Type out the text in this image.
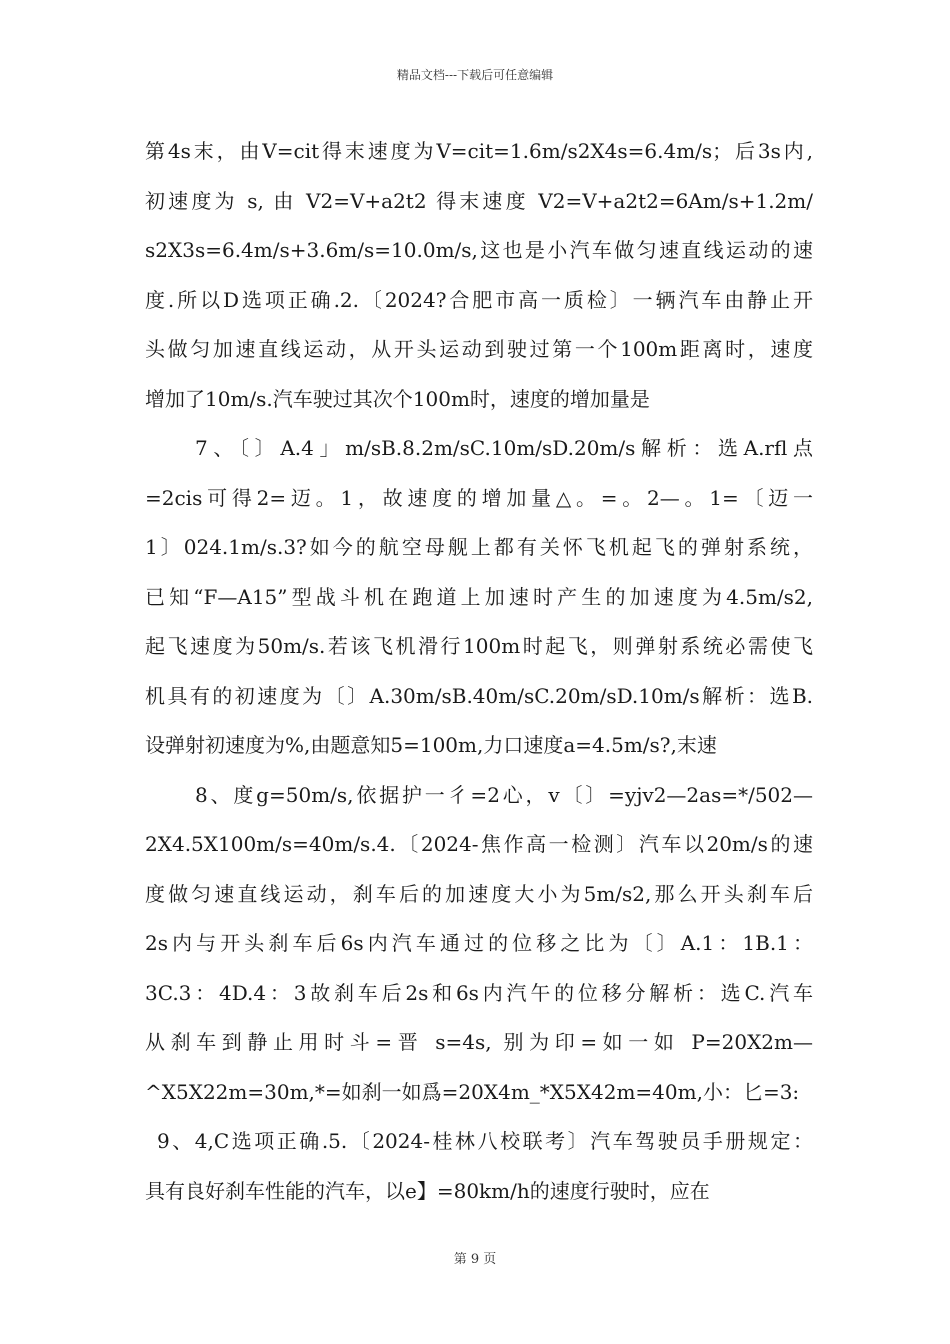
精品文档---下载后可任意编辑
第4s末，由V=cit得末速度为V=cit=1.6m/s2X4s=6.4m/s；后3s内,
初速度为 s, 由 V2=V+a2t2 得末速度 V2=V+a2t2=6Am/s+1.2m/
s2X3s=6.4m/s+3.6m/s=10.0m/s,这也是小汽车做匀速直线运动的速
度.所以D选项正确.2.〔2024?合肥市高一质检〕一辆汽车由静止开
头做匀加速直线运动，从开头运动到驶过第一个100m距离时，速度
增加了10m/s.汽车驶过其次个100m时，速度的增加量是
7、〔〕A.4」m/sB.8.2m/sC.10m/sD.20m/s解析：选A.rfl点
=2cis可得2=迈。1，故速度的增加量△。=。2—。1=〔迈一
1〕024.1m/s.3?如今的航空母舰上都有关怀飞机起飞的弹射系统，
已知“F—A15”型战斗机在跑道上加速时产生的加速度为4.5m/s2,
起飞速度为50m/s.若该飞机滑行100m时起飞，则弹射系统必需使飞
机具有的初速度为〔〕A.30m/sB.40m/sC.20m/sD.10m/s解析：选B.
设弹射初速度为%,由题意知5=100m,力口速度a=4.5m/s?,末速
8、度g=50m/s,依据护一彳=2心，v〔〕=yjv2—2as=*/502—
2X4.5X100m/s=40m/s.4.〔2024-焦作高一检测〕汽车以20m/s的速
度做匀速直线运动，刹车后的加速度大小为5m/s2,那么开头刹车后
2s内与开头刹车后6s内汽车通过的位移之比为〔〕A.1：1B.1：
3C.3：4D.4：3故刹车后2s和6s内汽午的位移分解析：选C.汽车
从刹车到静止用时斗=晋 s=4s, 别为印=如一如 P=20X2m—
^X5X22m=30m,*=如刹一如爲=20X4m_*X5X42m=40m,小：匕=3:
9、4,C选项正确.5.〔2024-桂林八校联考〕汽车驾驶员手册规定：
具有良好刹车性能的汽车，以e】=80km/h的速度行驶时，应在
第 9 页
